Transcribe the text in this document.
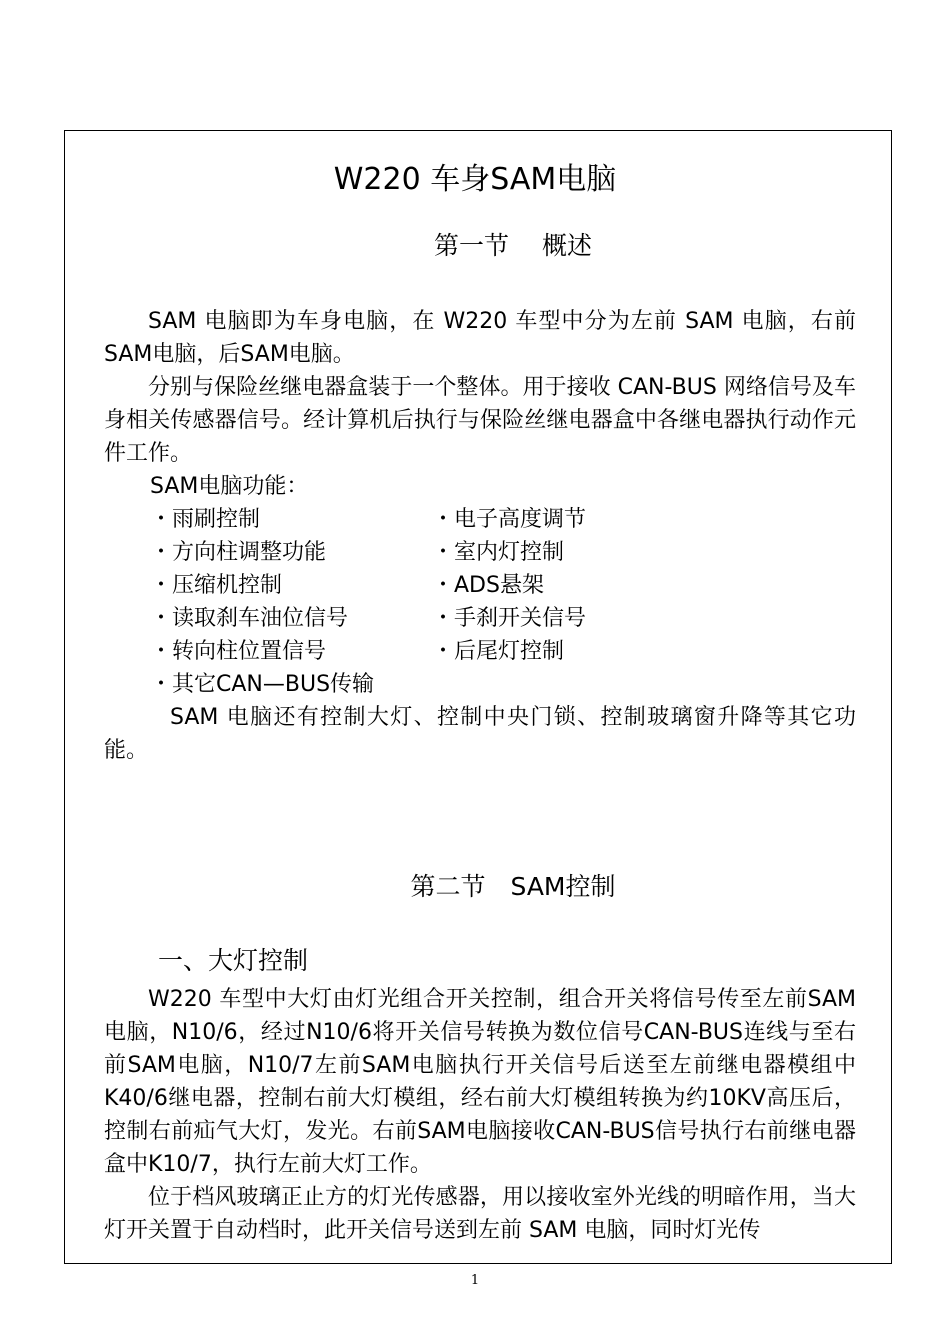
W220 车身SAM电脑
第一节　 概述
SAM 电脑即为车身电脑，在 W220 车型中分为左前 SAM 电脑，右前 SAM电脑，后SAM电脑。
分别与保险丝继电器盒装于一个整体。用于接收 CAN-BUS 网络信号及车身相关传感器信号。经计算机后执行与保险丝继电器盒中各继电器执行动作元件工作。
SAM电脑功能：
・雨刷控制
・方向柱调整功能
・压缩机控制
・读取刹车油位信号
・转向柱位置信号
・其它CAN—BUS传输
・电子高度调节
・室内灯控制
・ADS悬架
・手刹开关信号
・后尾灯控制
SAM 电脑还有控制大灯、控制中央门锁、控制玻璃窗升降等其它功能。
第二节　SAM控制
一、大灯控制
W220 车型中大灯由灯光组合开关控制，组合开关将信号传至左前SAM电脑，N10/6，经过N10/6将开关信号转换为数位信号CAN-BUS连线与至右前SAM电脑，N10/7左前SAM电脑执行开关信号后送至左前继电器模组中K40/6继电器，控制右前大灯模组，经右前大灯模组转换为约10KV高压后，控制右前疝气大灯，发光。右前SAM电脑接收CAN-BUS信号执行右前继电器盒中K10/7，执行左前大灯工作。
位于档风玻璃正止方的灯光传感器，用以接收室外光线的明暗作用，当大灯开关置于自动档时，此开关信号送到左前 SAM 电脑，同时灯光传
1
